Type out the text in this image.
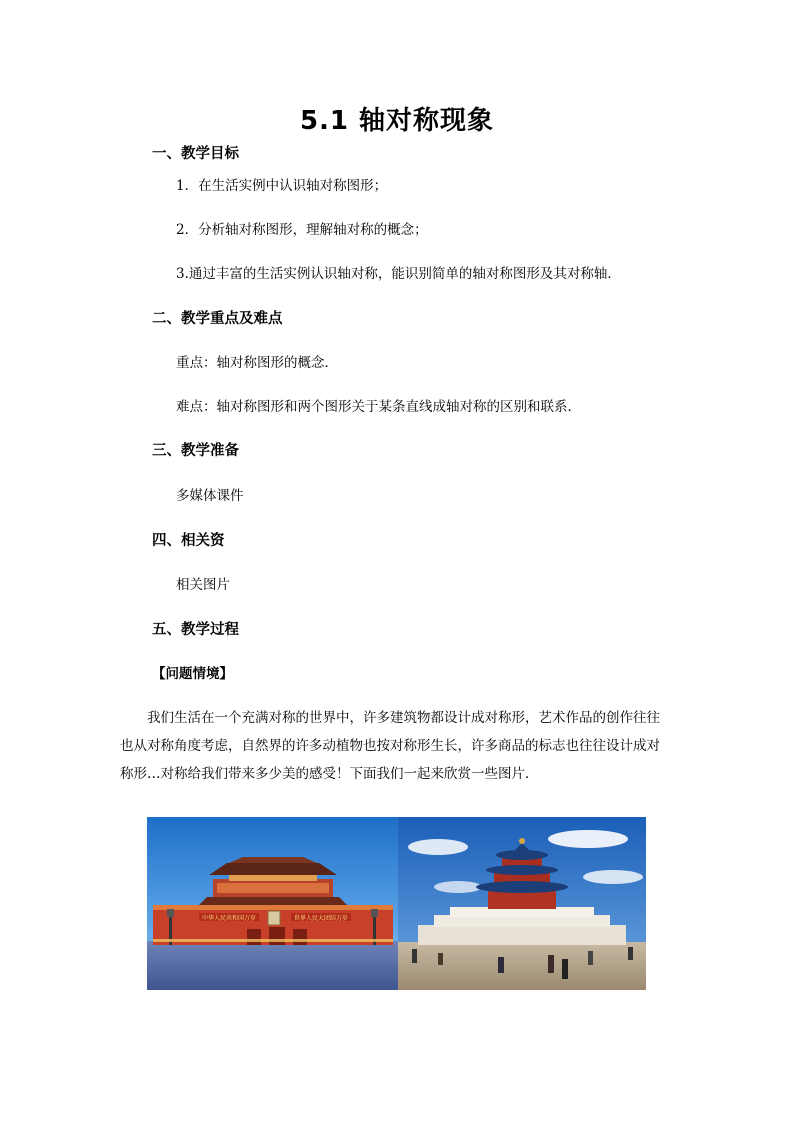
5.1 轴对称现象
一、教学目标
1．在生活实例中认识轴对称图形；
2．分析轴对称图形，理解轴对称的概念；
3.通过丰富的生活实例认识轴对称，能识别简单的轴对称图形及其对称轴．
二、教学重点及难点
重点：轴对称图形的概念．
难点：轴对称图形和两个图形关于某条直线成轴对称的区别和联系．
三、教学准备
多媒体课件
四、相关资
相关图片
五、教学过程
【问题情境】
我们生活在一个充满对称的世界中，许多建筑物都设计成对称形，艺术作品的创作往往
也从对称角度考虑，自然界的许多动植物也按对称形生长，许多商品的标志也往往设计成对
称形…对称给我们带来多少美的感受！下面我们一起来欣赏一些图片．
中华人民共和国万岁	世界人民大团结万岁
